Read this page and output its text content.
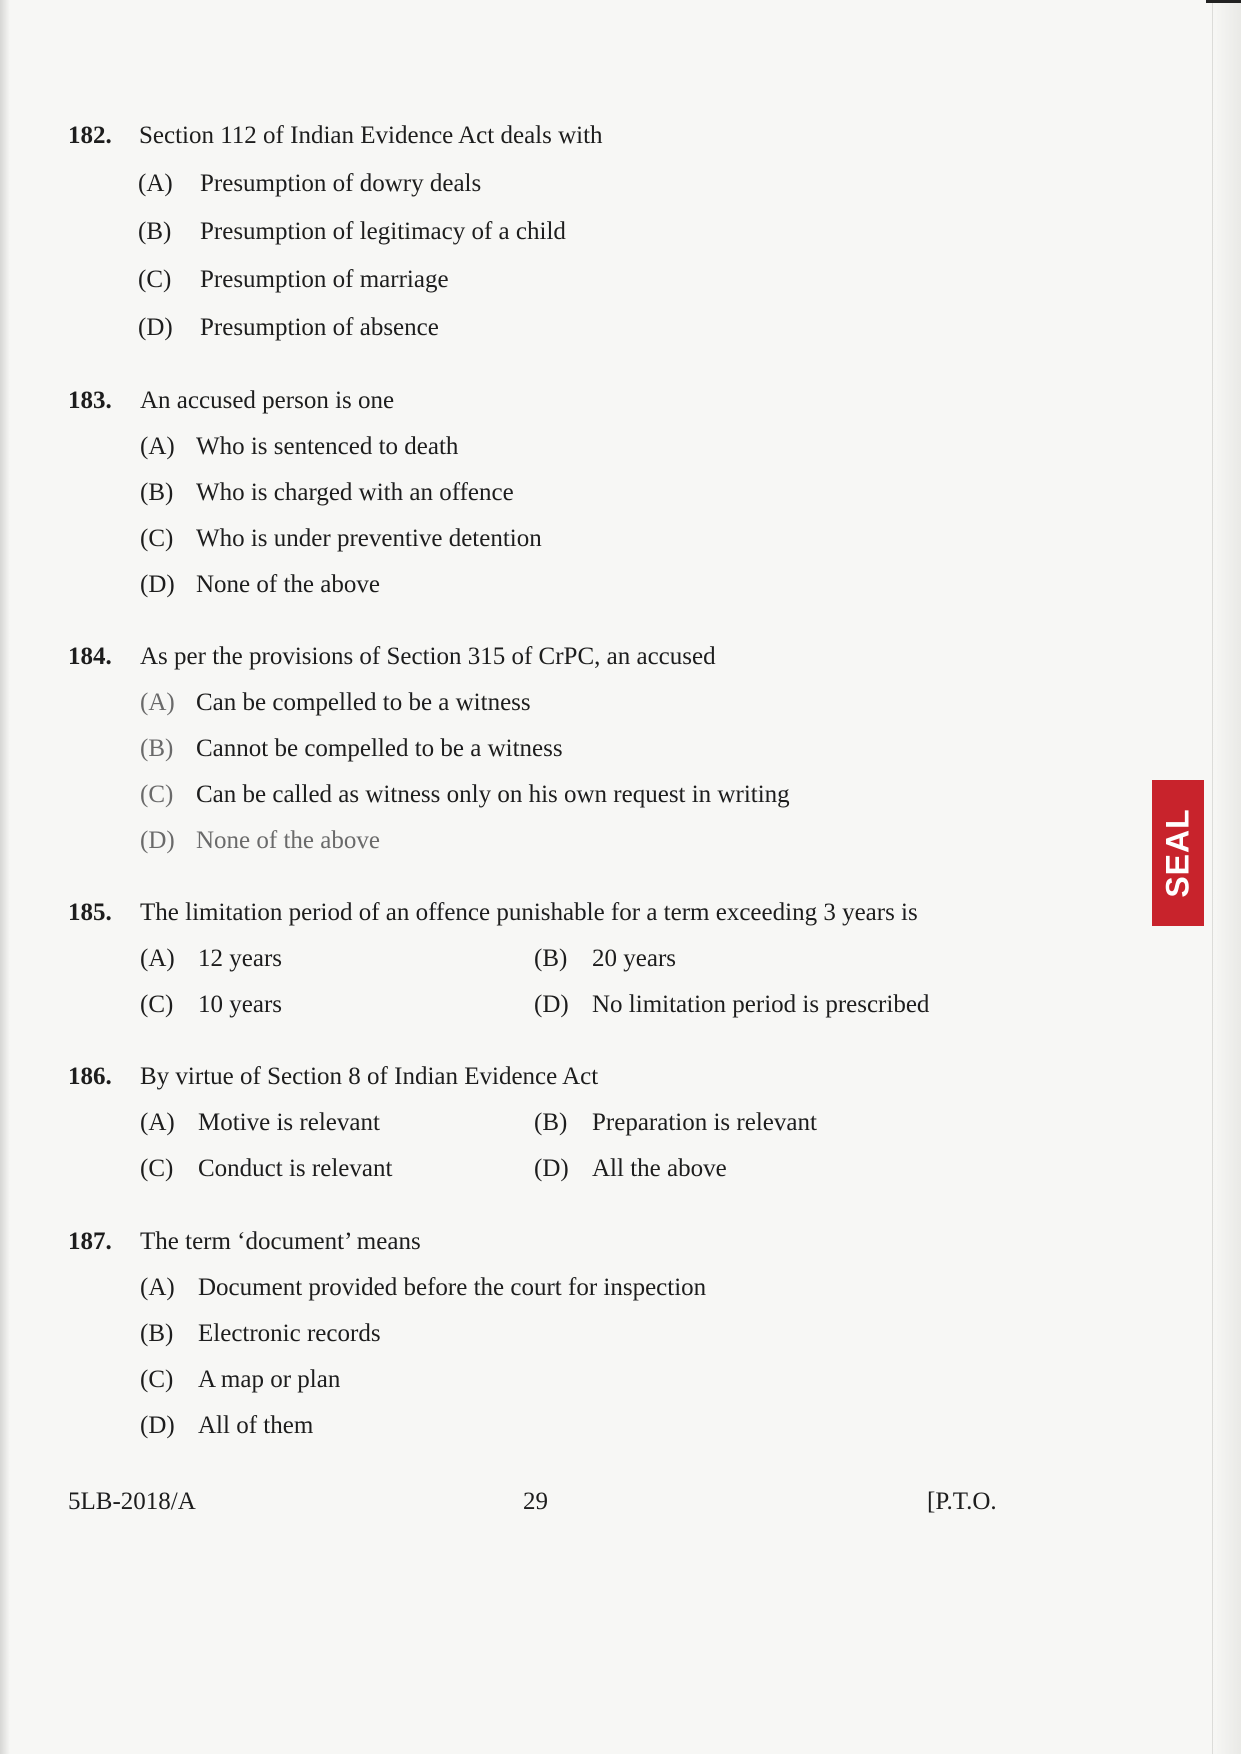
182. Section 112 of Indian Evidence Act deals with
(A) Presumption of dowry deals
(B) Presumption of legitimacy of a child
(C) Presumption of marriage
(D) Presumption of absence
183. An accused person is one
(A) Who is sentenced to death
(B) Who is charged with an offence
(C) Who is under preventive detention
(D) None of the above
184. As per the provisions of Section 315 of CrPC, an accused
(A) Can be compelled to be a witness
(B) Cannot be compelled to be a witness
(C) Can be called as witness only on his own request in writing
(D) None of the above
185. The limitation period of an offence punishable for a term exceeding 3 years is
(A) 12 years	(B) 20 years
(C) 10 years	(D) No limitation period is prescribed
186. By virtue of Section 8 of Indian Evidence Act
(A) Motive is relevant	(B) Preparation is relevant
(C) Conduct is relevant	(D) All the above
187. The term ‘document’ means
(A) Document provided before the court for inspection
(B) Electronic records
(C) A map or plan
(D) All of them
5LB-2018/A	29	[P.T.O.
SEAL
